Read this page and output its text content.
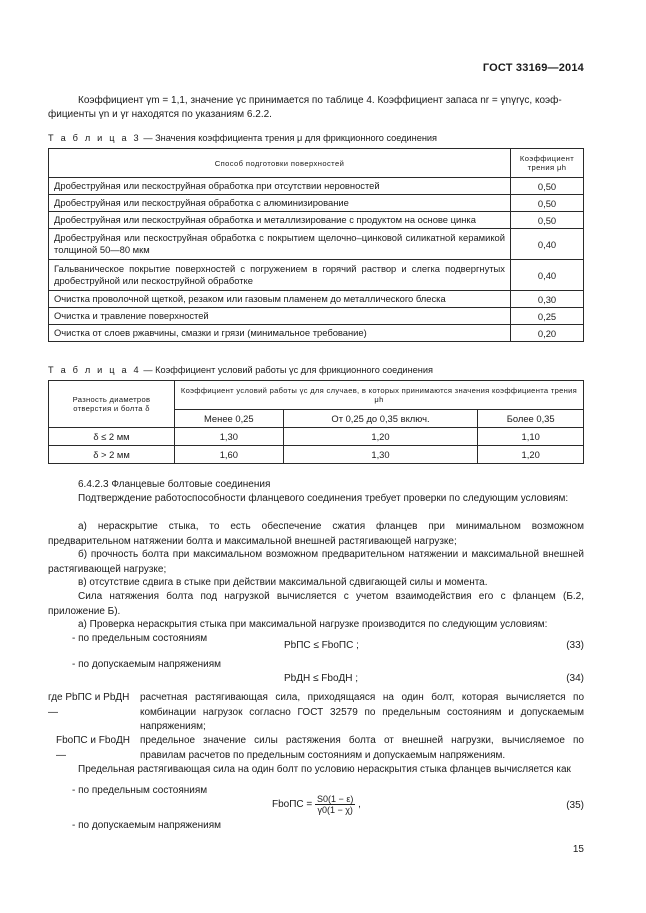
ГОСТ 33169—2014
Коэффициент γm = 1,1, значение γc принимается по таблице 4. Коэффициент запаса nr = γnγrγc, коэф-
фициенты γn и γr находятся по указаниям 6.2.2.
Т а б л и ц а 3 — Значения коэффициента трения μ для фрикционного соединения
Способ подготовки поверхностей	Коэффициент трения μh
Дробеструйная или пескоструйная обработка при отсутствии неровностей	0,50
Дробеструйная или пескоструйная обработка с алюминизирование	0,50
Дробеструйная или пескоструйная обработка и металлизирование с продуктом на основе цинка	0,50
Дробеструйная или пескоструйная обработка с покрытием щелочно–цинковой силикатной керамикой толщиной 50—80 мкм	0,40
Гальваническое покрытие поверхностей с погружением в горячий раствор и слегка подвергнутых дробеструйной или пескоструйной обработке	0,40
Очистка проволочной щеткой, резаком или газовым пламенем до металлического блеска	0,30
Очистка и травление поверхностей	0,25
Очистка от слоев ржавчины, смазки и грязи (минимальное требование)	0,20
Т а б л и ц а 4 — Коэффициент условий работы γc для фрикционного соединения
Разность диаметров отверстия и болта δ	Коэффициент условий работы γc для случаев, в которых принимаются значения коэффициента трения μh		
	Менее 0,25	От 0,25 до 0,35 включ.	Более 0,35
δ ≤ 2 мм	1,30	1,20	1,10
δ > 2 мм	1,60	1,30	1,20
6.4.2.3 Фланцевые болтовые соединения
Подтверждение работоспособности фланцевого соединения требует проверки по следующим условиям:
а) нераскрытие стыка, то есть обеспечение сжатия фланцев при минимальном возможном предварительном натяжении болта и максимальной внешней растягивающей нагрузке;
б) прочность болта при максимальном возможном предварительном натяжении и максимальной внешней растягивающей нагрузке;
в) отсутствие сдвига в стыке при действии максимальной сдвигающей силы и момента.
Сила натяжения болта под нагрузкой вычисляется с учетом взаимодействия его с фланцем (Б.2, приложение Б).
а) Проверка нераскрытия стыка при максимальной нагрузке производится по следующим условиям:
- по предельным состояниям
PbПС ≤ FboПС ;	(33)
- по допускаемым напряжениям
PbДН ≤ FboДН ;	(34)
где PbПС и PbДН —
расчетная растягивающая сила, приходящаяся на один болт, которая вычисляется по комбинации нагрузок согласно ГОСТ 32579 по предельным состояниям и допускаемым напряжениям;
FboПС и FboДН —
предельное значение силы растяжения болта от внешней нагрузки, вычисляемое по правилам расчетов по предельным состояниям и допускаемым напряжениям.
Предельная растягивающая сила на один болт по условию нераскрытия стыка фланцев вычисляется как
- по предельным состояниям
FboПС = $\frac{S0(1 - \varepsilon)}{\gamma 0(1 - \chi)}$ ,	(35)
- по допускаемым напряжениям
15
